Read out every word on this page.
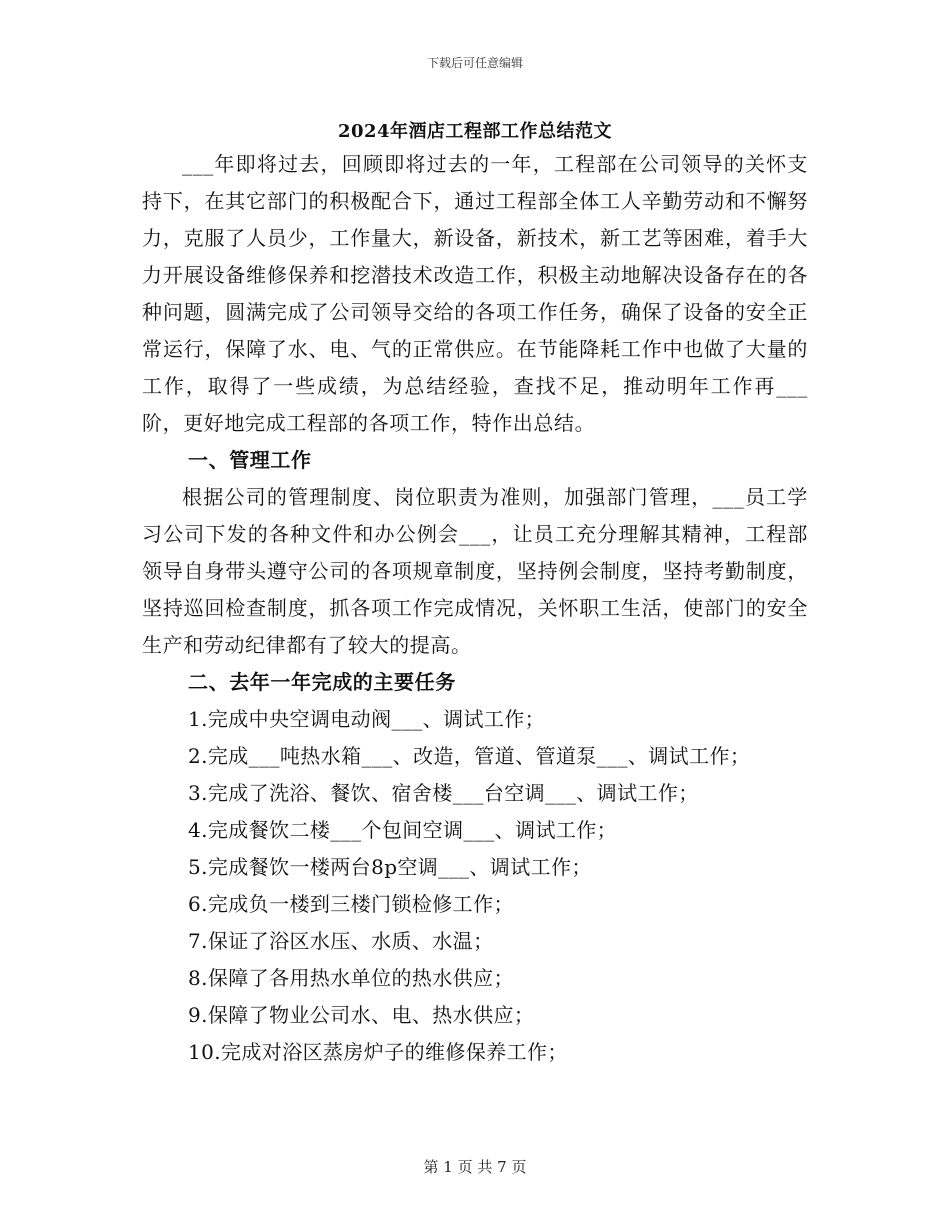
下载后可任意编辑
2024年酒店工程部工作总结范文

___年即将过去，回顾即将过去的一年，工程部在公司领导的关怀支持下，在其它部门的积极配合下，通过工程部全体工人辛勤劳动和不懈努力，克服了人员少，工作量大，新设备，新技术，新工艺等困难，着手大力开展设备维修保养和挖潜技术改造工作，积极主动地解决设备存在的各种问题，圆满完成了公司领导交给的各项工作任务，确保了设备的安全正常运行，保障了水、电、气的正常供应。在节能降耗工作中也做了大量的工作，取得了一些成绩，为总结经验，查找不足，推动明年工作再___阶，更好地完成工程部的各项工作，特作出总结。

一、管理工作

根据公司的管理制度、岗位职责为准则，加强部门管理，___员工学习公司下发的各种文件和办公例会___，让员工充分理解其精神，工程部领导自身带头遵守公司的各项规章制度，坚持例会制度，坚持考勤制度，坚持巡回检查制度，抓各项工作完成情况，关怀职工生活，使部门的安全生产和劳动纪律都有了较大的提高。

二、去年一年完成的主要任务

1.完成中央空调电动阀___、调试工作；
2.完成___吨热水箱___、改造，管道、管道泵___、调试工作；
3.完成了洗浴、餐饮、宿舍楼___台空调___、调试工作；
4.完成餐饮二楼___个包间空调___、调试工作；
5.完成餐饮一楼两台8p空调___、调试工作；
6.完成负一楼到三楼门锁检修工作；
7.保证了浴区水压、水质、水温；
8.保障了各用热水单位的热水供应；
9.保障了物业公司水、电、热水供应；
10.完成对浴区蒸房炉子的维修保养工作；
第 1 页 共 7 页
